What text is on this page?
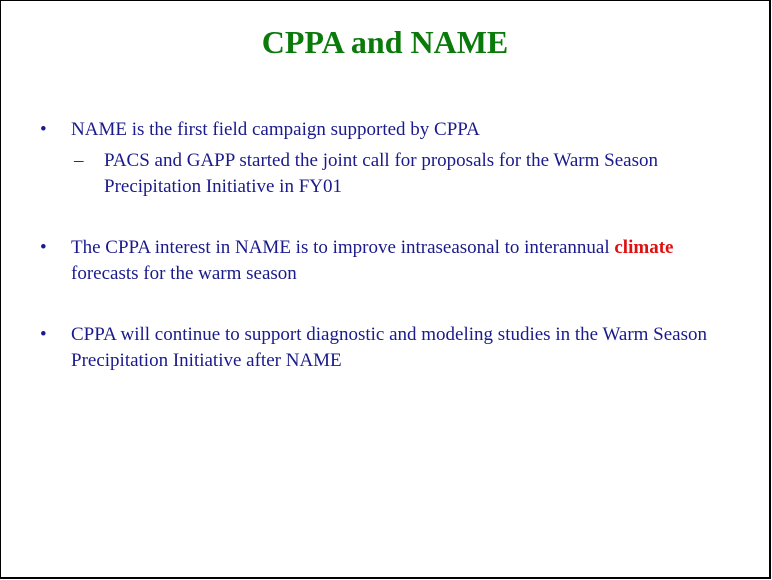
CPPA and NAME
• NAME is the first field campaign supported by CPPA
– PACS and GAPP started the joint call for proposals for the Warm Season Precipitation Initiative in FY01
• The CPPA interest in NAME is to improve intraseasonal to interannual climate forecasts for the warm season
• CPPA will continue to support diagnostic and modeling studies in the Warm Season Precipitation Initiative after NAME
